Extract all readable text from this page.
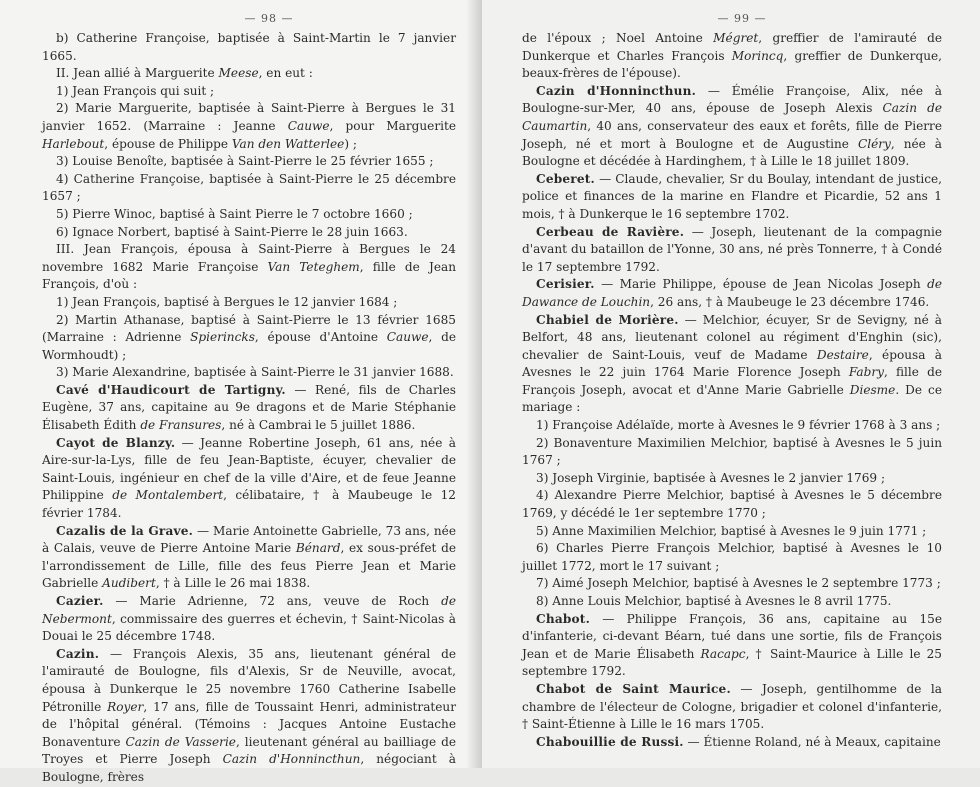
— 98 —

b) Catherine Françoise, baptisée à Saint-Martin le 7 janvier 1665.

II. Jean allié à Marguerite Meese, en eut :

1) Jean François qui suit ;

2) Marie Marguerite, baptisée à Saint-Pierre à Bergues le 31 janvier 1652. (Marraine : Jeanne Cauwe, pour Marguerite Harlebout, épouse de Philippe Van den Watterlee) ;

3) Louise Benoîte, baptisée à Saint-Pierre le 25 février 1655 ;

4) Catherine Françoise, baptisée à Saint-Pierre le 25 décembre 1657 ;

5) Pierre Winoc, baptisé à Saint Pierre le 7 octobre 1660 ;

6) Ignace Norbert, baptisé à Saint-Pierre le 28 juin 1663.

III. Jean François, épousa à Saint-Pierre à Bergues le 24 novembre 1682 Marie Françoise Van Teteghem, fille de Jean François, d'où :

1) Jean François, baptisé à Bergues le 12 janvier 1684 ;

2) Martin Athanase, baptisé à Saint-Pierre le 13 février 1685 (Marraine : Adrienne Spierincks, épouse d'Antoine Cauwe, de Wormhoudt) ;

3) Marie Alexandrine, baptisée à Saint-Pierre le 31 janvier 1688.

Cavé d'Haudicourt de Tartigny. — René, fils de Charles Eugène, 37 ans, capitaine au 9e dragons et de Marie Stéphanie Élisabeth Édith de Fransures, né à Cambrai le 5 juillet 1886.

Cayot de Blanzy. — Jeanne Robertine Joseph, 61 ans, née à Aire-sur-la-Lys, fille de feu Jean-Baptiste, écuyer, chevalier de Saint-Louis, ingénieur en chef de la ville d'Aire, et de feue Jeanne Philippine de Montalembert, célibataire, † à Maubeuge le 12 février 1784.

Cazalis de la Grave. — Marie Antoinette Gabrielle, 73 ans, née à Calais, veuve de Pierre Antoine Marie Bénard, ex sous-préfet de l'arrondissement de Lille, fille des feus Pierre Jean et Marie Gabrielle Audibert, † à Lille le 26 mai 1838.

Cazier. — Marie Adrienne, 72 ans, veuve de Roch de Nebermont, commissaire des guerres et échevin, † Saint-Nicolas à Douai le 25 décembre 1748.

Cazin. — François Alexis, 35 ans, lieutenant général de l'amirauté de Boulogne, fils d'Alexis, Sr de Neuville, avocat, épousa à Dunkerque le 25 novembre 1760 Catherine Isabelle Pétronille Royer, 17 ans, fille de Toussaint Henri, administrateur de l'hôpital général. (Témoins : Jacques Antoine Eustache Bonaventure Cazin de Vasserie, lieutenant général au bailliage de Troyes et Pierre Joseph Cazin d'Honnincthun, négociant à Boulogne, frères

— 99 —

de l'époux ; Noel Antoine Mégret, greffier de l'amirauté de Dunkerque et Charles François Morincq, greffier de Dunkerque, beaux-frères de l'épouse).

Cazin d'Honnincthun. — Émélie Françoise, Alix, née à Boulogne-sur-Mer, 40 ans, épouse de Joseph Alexis Cazin de Caumartin, 40 ans, conservateur des eaux et forêts, fille de Pierre Joseph, né et mort à Boulogne et de Augustine Cléry, née à Boulogne et décédée à Hardinghem, † à Lille le 18 juillet 1809.

Ceberet. — Claude, chevalier, Sr du Boulay, intendant de justice, police et finances de la marine en Flandre et Picardie, 52 ans 1 mois, † à Dunkerque le 16 septembre 1702.

Cerbeau de Ravière. — Joseph, lieutenant de la compagnie d'avant du bataillon de l'Yonne, 30 ans, né près Tonnerre, † à Condé le 17 septembre 1792.

Cerisier. — Marie Philippe, épouse de Jean Nicolas Joseph de Dawance de Louchin, 26 ans, † à Maubeuge le 23 décembre 1746.

Chabiel de Morière. — Melchior, écuyer, Sr de Sevigny, né à Belfort, 48 ans, lieutenant colonel au régiment d'Enghin (sic), chevalier de Saint-Louis, veuf de Madame Destaire, épousa à Avesnes le 22 juin 1764 Marie Florence Joseph Fabry, fille de François Joseph, avocat et d'Anne Marie Gabrielle Diesme. De ce mariage :

1) Françoise Adélaïde, morte à Avesnes le 9 février 1768 à 3 ans ;

2) Bonaventure Maximilien Melchior, baptisé à Avesnes le 5 juin 1767 ;

3) Joseph Virginie, baptisée à Avesnes le 2 janvier 1769 ;

4) Alexandre Pierre Melchior, baptisé à Avesnes le 5 décembre 1769, y décédé le 1er septembre 1770 ;

5) Anne Maximilien Melchior, baptisé à Avesnes le 9 juin 1771 ;

6) Charles Pierre François Melchior, baptisé à Avesnes le 10 juillet 1772, mort le 17 suivant ;

7) Aimé Joseph Melchior, baptisé à Avesnes le 2 septembre 1773 ;

8) Anne Louis Melchior, baptisé à Avesnes le 8 avril 1775.

Chabot. — Philippe François, 36 ans, capitaine au 15e d'infanterie, ci-devant Béarn, tué dans une sortie, fils de François Jean et de Marie Élisabeth Racapc, † Saint-Maurice à Lille le 25 septembre 1792.

Chabot de Saint Maurice. — Joseph, gentilhomme de la chambre de l'électeur de Cologne, brigadier et colonel d'infanterie, † Saint-Étienne à Lille le 16 mars 1705.

Chabouillie de Russi. — Étienne Roland, né à Meaux, capitaine
